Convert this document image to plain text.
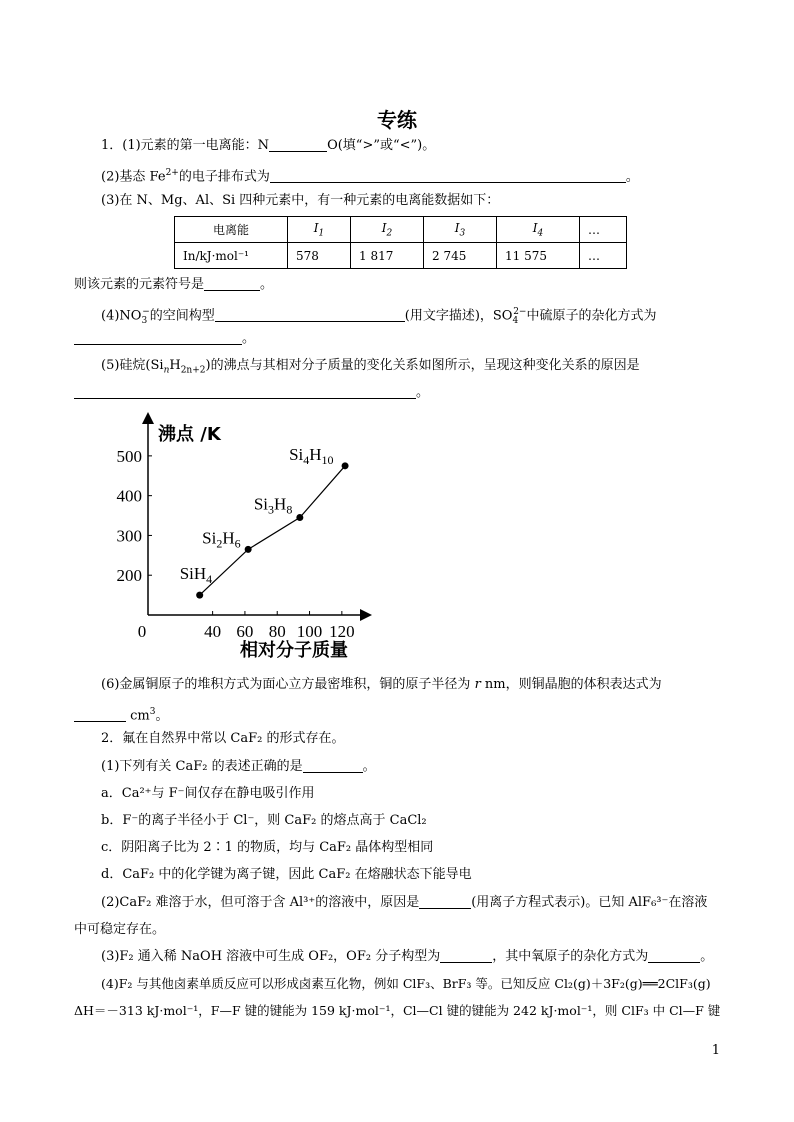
专练
1．(1)元素的第一电离能：N	O(填“>”或“<”)。
(2)基态 $Fe^{2+}$的电子排布式为	。
(3)在 N、Mg、Al、Si 四种元素中，有一种元素的电离能数据如下：
电离能	$I_1$	$I_2$	$I_3$	$I_4$	…
In/kJ·mol⁻¹	578	1 817	2 745	11 575	…
则该元素的元素符号是	。
$(4)NO_3^-$的空间构型	(用文字描述)，$SO_4^{2-}$中硫原子的杂化方式为
。
(5)硅烷$(Si_nH_{2n+2})$的沸点与其相对分子质量的变化关系如图所示，呈现这种变化关系的原因是
。
0	40 60 80 100 120
200
300
400
500
SiH$_4$
$Si_2H_6$
$Si_3H_8$
$Si_4H_{10}$
沸点 /K
相对分子质量
(6)金属铜原子的堆积方式为面心立方最密堆积，铜的原子半径为 r nm，则铜晶胞的体积表达式为
$cm^3$。
2．氟在自然界中常以 CaF₂ 的形式存在。
(1)下列有关 CaF₂ 的表述正确的是	。
a．Ca²⁺与 F⁻间仅存在静电吸引作用
b．F⁻的离子半径小于 Cl⁻，则 CaF₂ 的熔点高于 CaCl₂
c．阴阳离子比为 2∶1 的物质，均与 CaF₂ 晶体构型相同
d．CaF₂ 中的化学键为离子键，因此 CaF₂ 在熔融状态下能导电
(2)CaF₂ 难溶于水，但可溶于含 Al³⁺的溶液中，原因是	(用离子方程式表示)。已知 AlF₆³⁻在溶液
中可稳定存在。
(3)F₂ 通入稀 NaOH 溶液中可生成 OF₂，OF₂ 分子构型为	，其中氧原子的杂化方式为	。
(4)F₂ 与其他卤素单质反应可以形成卤素互化物，例如 ClF₃、BrF₃ 等。已知反应 Cl₂(g)＋3F₂(g)══2ClF₃(g)
ΔH＝－313 kJ·mol⁻¹，F—F 键的键能为 159 kJ·mol⁻¹，Cl—Cl 键的键能为 242 kJ·mol⁻¹，则 ClF₃ 中 Cl—F 键
1
